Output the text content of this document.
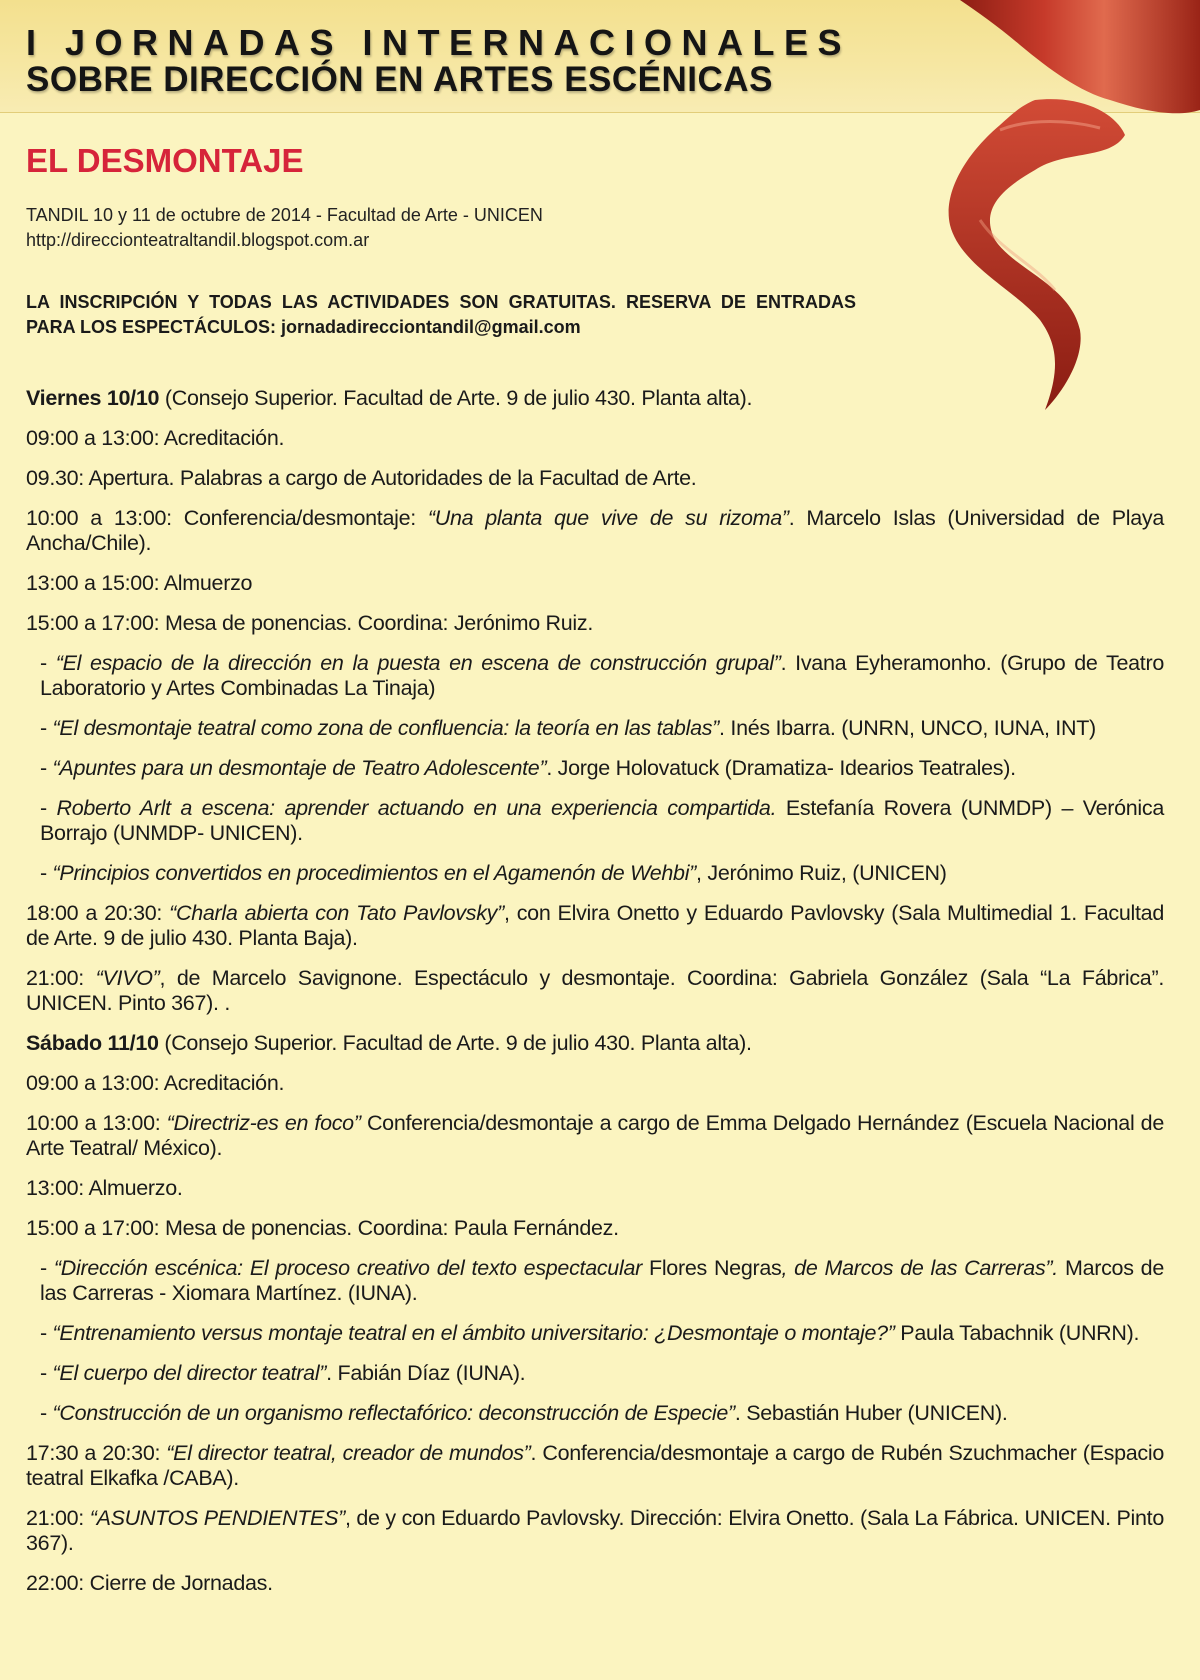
I JORNADAS INTERNACIONALES
SOBRE DIRECCIÓN EN ARTES ESCÉNICAS
EL DESMONTAJE
TANDIL 10 y 11 de octubre de 2014 - Facultad de Arte - UNICEN
http://direccionteatraltandil.blogspot.com.ar
LA INSCRIPCIÓN Y TODAS LAS ACTIVIDADES SON GRATUITAS. RESERVA DE ENTRADAS PARA LOS ESPECTÁCULOS: jornadadirecciontandil@gmail.com

Viernes 10/10 (Consejo Superior. Facultad de Arte. 9 de julio 430. Planta alta).

09:00 a 13:00: Acreditación.

09.30: Apertura. Palabras a cargo de Autoridades de la Facultad de Arte.

10:00 a 13:00: Conferencia/desmontaje: “Una planta que vive de su rizoma”. Marcelo Islas (Universidad de Playa Ancha/Chile).

13:00 a 15:00: Almuerzo

15:00 a 17:00: Mesa de ponencias. Coordina: Jerónimo Ruiz.

- “El espacio de la dirección en la puesta en escena de construcción grupal”. Ivana Eyheramonho. (Grupo de Teatro Laboratorio y Artes Combinadas La Tinaja)

- “El desmontaje teatral como zona de confluencia: la teoría en las tablas”. Inés Ibarra. (UNRN, UNCO, IUNA, INT)

- “Apuntes para un desmontaje de Teatro Adolescente”. Jorge Holovatuck (Dramatiza- Idearios Teatrales).

- Roberto Arlt a escena: aprender actuando en una experiencia compartida. Estefanía Rovera (UNMDP) – Verónica Borrajo (UNMDP- UNICEN).

- “Principios convertidos en procedimientos en el Agamenón de Wehbi”, Jerónimo Ruiz, (UNICEN)

18:00 a 20:30: “Charla abierta con Tato Pavlovsky”, con Elvira Onetto y Eduardo Pavlovsky (Sala Multimedial 1. Facultad de Arte. 9 de julio 430. Planta Baja).

21:00: “VIVO”, de Marcelo Savignone. Espectáculo y desmontaje. Coordina: Gabriela González (Sala “La Fábrica”. UNICEN. Pinto 367). .

Sábado 11/10 (Consejo Superior. Facultad de Arte. 9 de julio 430. Planta alta).

09:00 a 13:00: Acreditación.

10:00 a 13:00: “Directriz-es en foco” Conferencia/desmontaje a cargo de Emma Delgado Hernández (Escuela Nacional de Arte Teatral/ México).

13:00: Almuerzo.

15:00 a 17:00: Mesa de ponencias. Coordina: Paula Fernández.

- “Dirección escénica: El proceso creativo del texto espectacular Flores Negras, de Marcos de las Carreras”. Marcos de las Carreras - Xiomara Martínez. (IUNA).

- “Entrenamiento versus montaje teatral en el ámbito universitario: ¿Desmontaje o montaje?” Paula Tabachnik (UNRN).

- “El cuerpo del director teatral”. Fabián Díaz (IUNA).

- “Construcción de un organismo reflectafórico: deconstrucción de Especie”. Sebastián Huber (UNICEN).

17:30 a 20:30: “El director teatral, creador de mundos”. Conferencia/desmontaje a cargo de Rubén Szuchmacher (Espacio teatral Elkafka /CABA).

21:00: “ASUNTOS PENDIENTES”, de y con Eduardo Pavlovsky. Dirección: Elvira Onetto. (Sala La Fábrica. UNICEN. Pinto 367).

22:00: Cierre de Jornadas.
